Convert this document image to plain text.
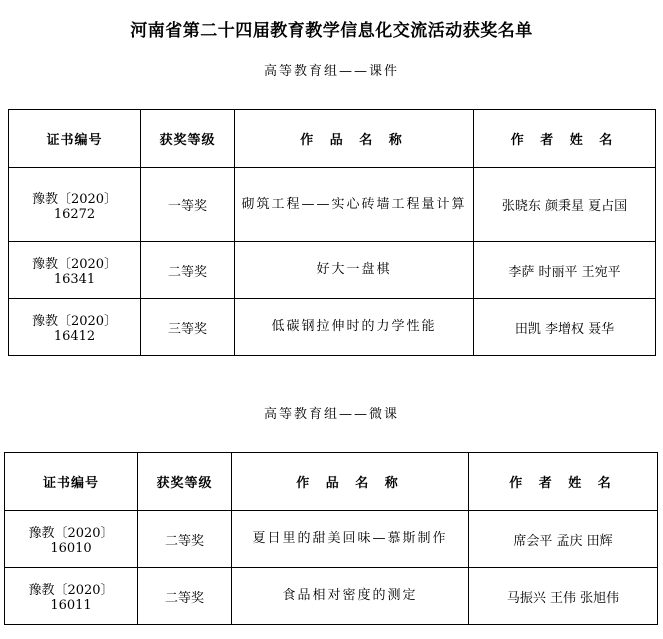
河南省第二十四届教育教学信息化交流活动获奖名单
高等教育组——课件
证书编号	获奖等级	作 品 名 称	作 者 姓 名
豫教〔2020〕16272	一等奖	砌筑工程——实心砖墙工程量计算	张晓东 颜秉星 夏占国
豫教〔2020〕16341	二等奖	好大一盘棋	李萨 时丽平 王宛平
豫教〔2020〕16412	三等奖	低碳钢拉伸时的力学性能	田凯 李增权 聂华
高等教育组——微课
证书编号	获奖等级	作 品 名 称	作 者 姓 名
豫教〔2020〕16010	二等奖	夏日里的甜美回味—慕斯制作	席会平 孟庆 田辉
豫教〔2020〕16011	二等奖	食品相对密度的测定	马振兴 王伟 张旭伟
